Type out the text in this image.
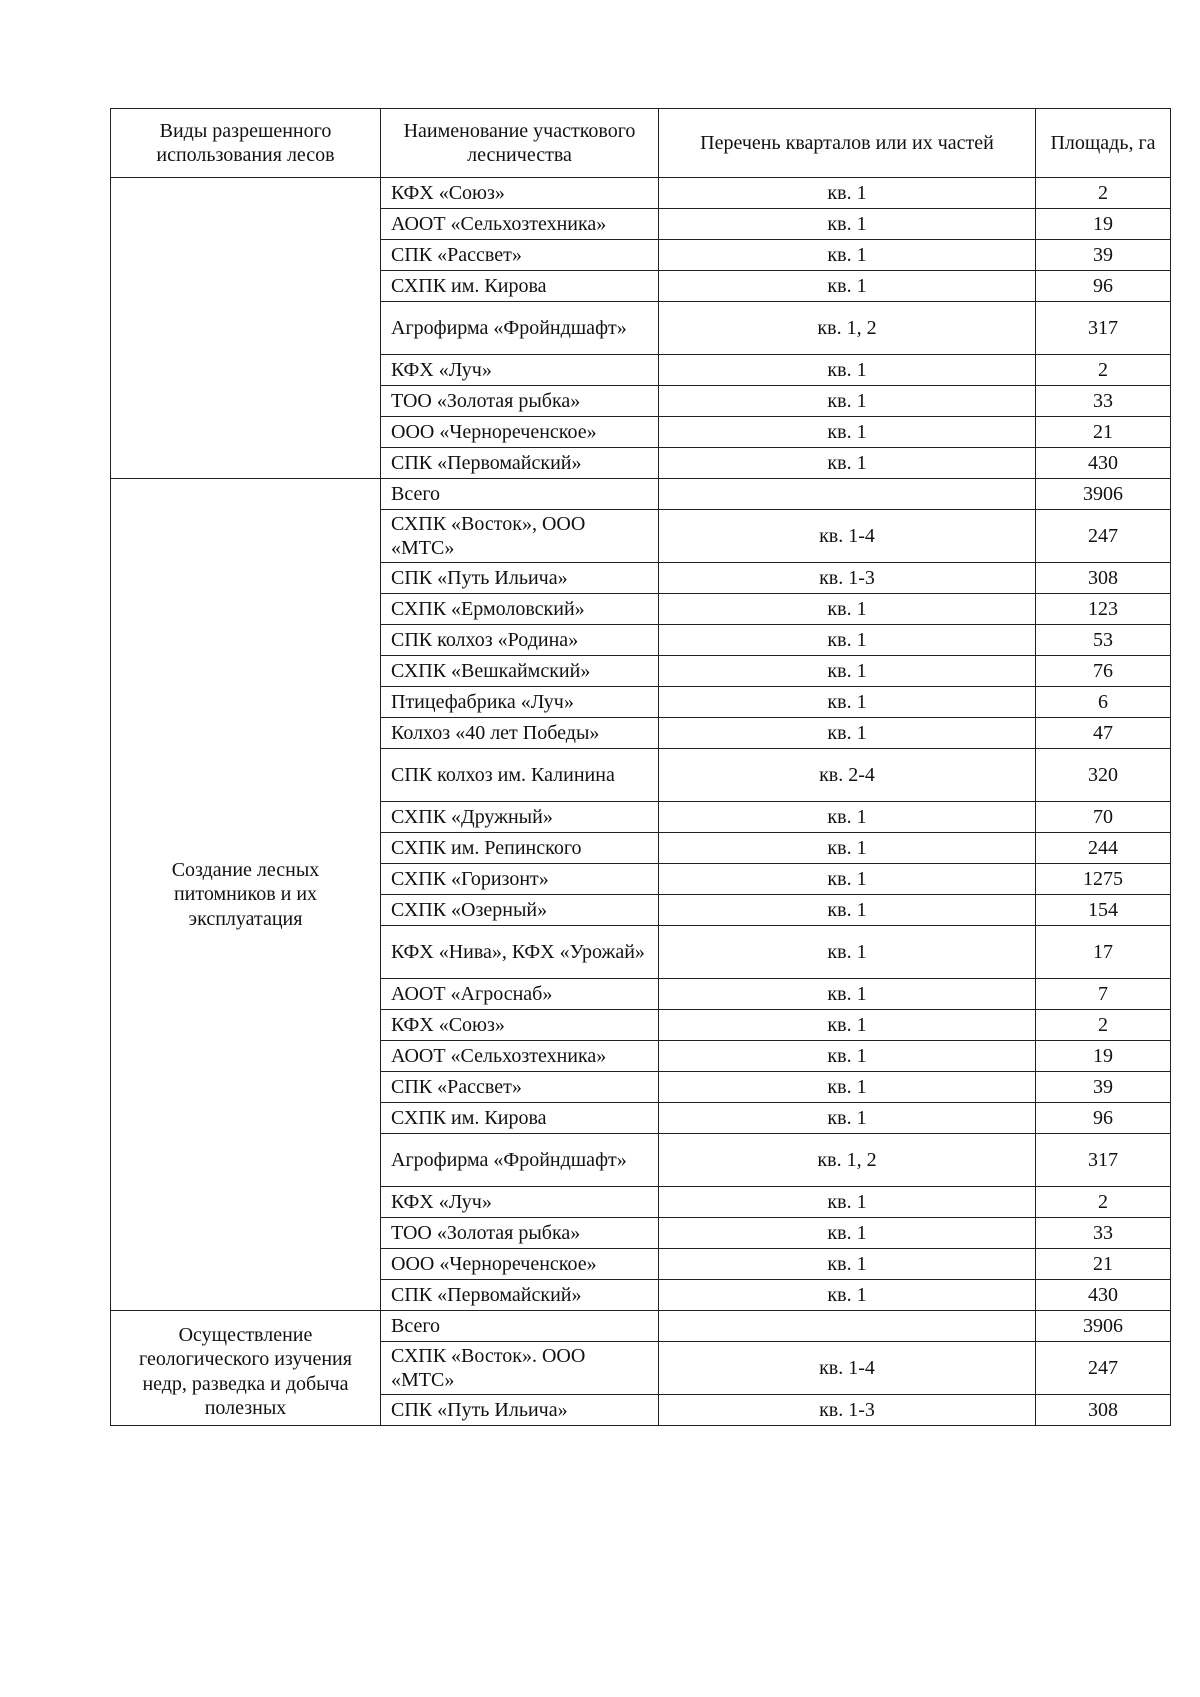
Виды разрешенного использования лесов	Наименование участкового лесничества	Перечень кварталов или их частей	Площадь, га
	КФХ «Союз»	кв. 1	2
	АООТ «Сельхозтехника»	кв. 1	19
	СПК «Рассвет»	кв. 1	39
	СХПК им. Кирова	кв. 1	96
	Агрофирма «Фройндшафт»	кв. 1, 2	317
	КФХ «Луч»	кв. 1	2
	ТОО «Золотая рыбка»	кв. 1	33
	ООО «Чернореченское»	кв. 1	21
	СПК «Первомайский»	кв. 1	430
Создание лесных питомников и их эксплуатация	Всего		3906
	СХПК «Восток», ООО «МТС»	кв. 1-4	247
	СПК «Путь Ильича»	кв. 1-3	308
	СХПК «Ермоловский»	кв. 1	123
	СПК колхоз «Родина»	кв. 1	53
	СХПК «Вешкаймский»	кв. 1	76
	Птицефабрика «Луч»	кв. 1	6
	Колхоз «40 лет Победы»	кв. 1	47
	СПК колхоз им. Калинина	кв. 2-4	320
	СХПК «Дружный»	кв. 1	70
	СХПК им. Репинского	кв. 1	244
	СХПК «Горизонт»	кв. 1	1275
	СХПК «Озерный»	кв. 1	154
	КФХ «Нива», КФХ «Урожай»	кв. 1	17
	АООТ «Агроснаб»	кв. 1	7
	КФХ «Союз»	кв. 1	2
	АООТ «Сельхозтехника»	кв. 1	19
	СПК «Рассвет»	кв. 1	39
	СХПК им. Кирова	кв. 1	96
	Агрофирма «Фройндшафт»	кв. 1, 2	317
	КФХ «Луч»	кв. 1	2
	ТОО «Золотая рыбка»	кв. 1	33
	ООО «Чернореченское»	кв. 1	21
	СПК «Первомайский»	кв. 1	430
Осуществление геологического изучения недр, разведка и добыча полезных	Всего		3906
	СХПК «Восток». ООО «МТС»	кв. 1-4	247
	СПК «Путь Ильича»	кв. 1-3	308
